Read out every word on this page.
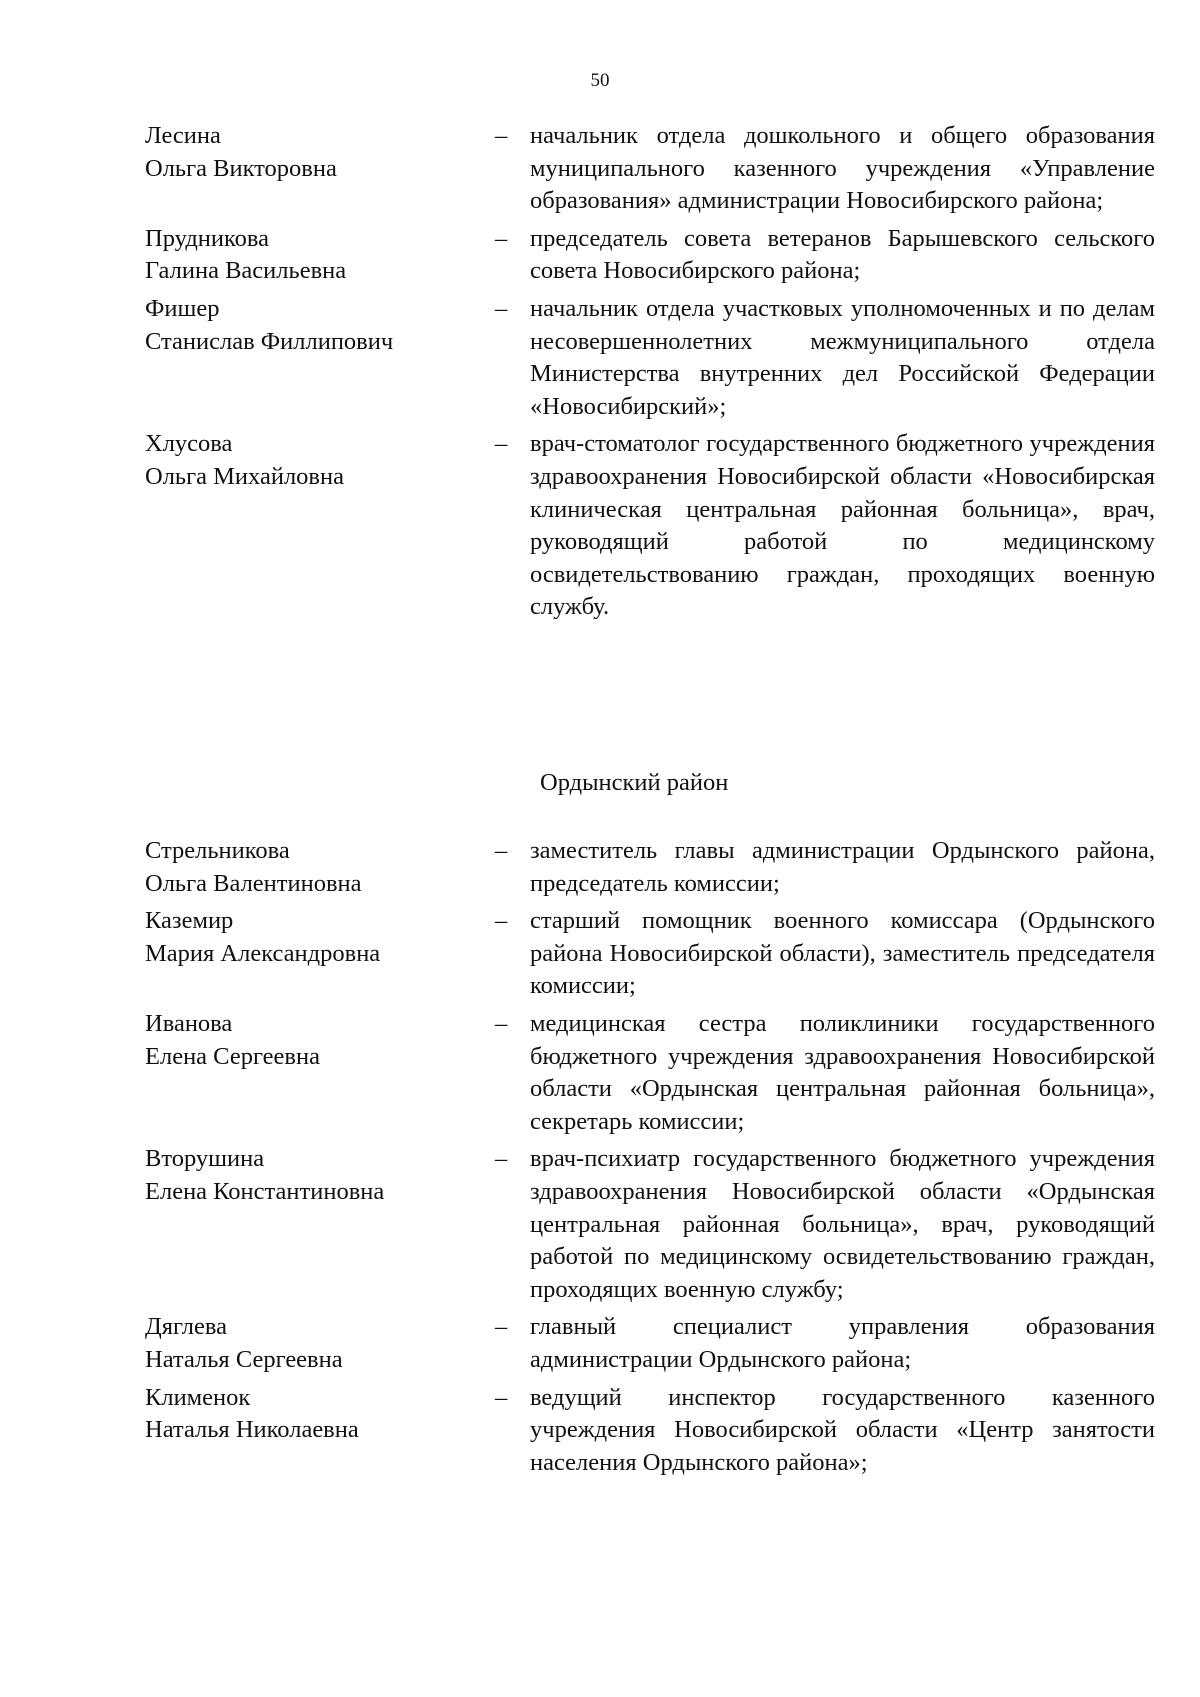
50
Лесина
Ольга Викторовна
– начальник отдела дошкольного и общего образования муниципального казенного учреждения «Управление образования» администрации Новосибирского района;
Прудникова
Галина Васильевна
– председатель совета ветеранов Барышевского сельского совета Новосибирского района;
Фишер
Станислав Филлипович
– начальник отдела участковых уполномоченных и по делам несовершеннолетних межмуниципального отдела Министерства внутренних дел Российской Федерации «Новосибирский»;
Хлусова
Ольга Михайловна
– врач-стоматолог государственного бюджетного учреждения здравоохранения Новосибирской области «Новосибирская клиническая центральная районная больница», врач, руководящий работой по медицинскому освидетельствованию граждан, проходящих военную службу.
Ордынский район
Стрельникова
Ольга Валентиновна
– заместитель главы администрации Ордынского района, председатель комиссии;
Каземир
Мария Александровна
– старший помощник военного комиссара (Ордынского района Новосибирской области), заместитель председателя комиссии;
Иванова
Елена Сергеевна
– медицинская сестра поликлиники государственного бюджетного учреждения здравоохранения Новосибирской области «Ордынская центральная районная больница», секретарь комиссии;
Вторушина
Елена Константиновна
– врач-психиатр государственного бюджетного учреждения здравоохранения Новосибирской области «Ордынская центральная районная больница», врач, руководящий работой по медицинскому освидетельствованию граждан, проходящих военную службу;
Дяглева
Наталья Сергеевна
– главный специалист управления образования администрации Ордынского района;
Клименок
Наталья Николаевна
– ведущий инспектор государственного казенного учреждения Новосибирской области «Центр занятости населения Ордынского района»;
